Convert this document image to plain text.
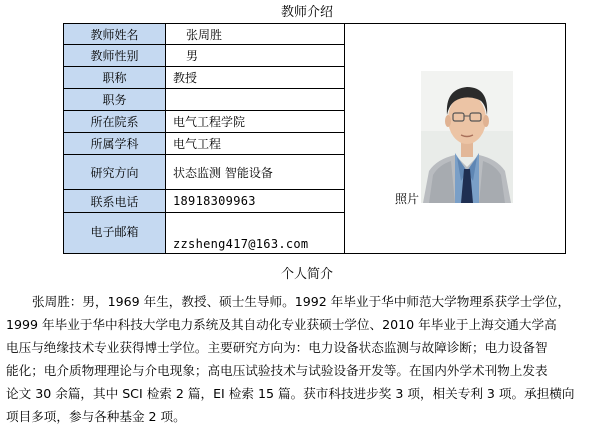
教师介绍
教师姓名	张周胜	照片

教师性别	男	
职称	教授	
职务		
所在院系	电气工程学院	
所属学科	电气工程	
研究方向	状态监测 智能设备	
联系电话	18918309963	
电子邮箱	zzsheng417@163.com	
个人简介
张周胜：男，1969 年生，教授、硕士生导师。1992 年毕业于华中师范大学物理系获学士学位，
1999 年毕业于华中科技大学电力系统及其自动化专业获硕士学位、2010 年毕业于上海交通大学高
电压与绝缘技术专业获得博士学位。主要研究方向为：电力设备状态监测与故障诊断；电力设备智
能化；电介质物理理论与介电现象；高电压试验技术与试验设备开发等。在国内外学术刊物上发表
论文 30 余篇，其中 SCI 检索 2 篇，EI 检索 15 篇。获市科技进步奖 3 项，相关专利 3 项。承担横向
项目多项，参与各种基金 2 项。
